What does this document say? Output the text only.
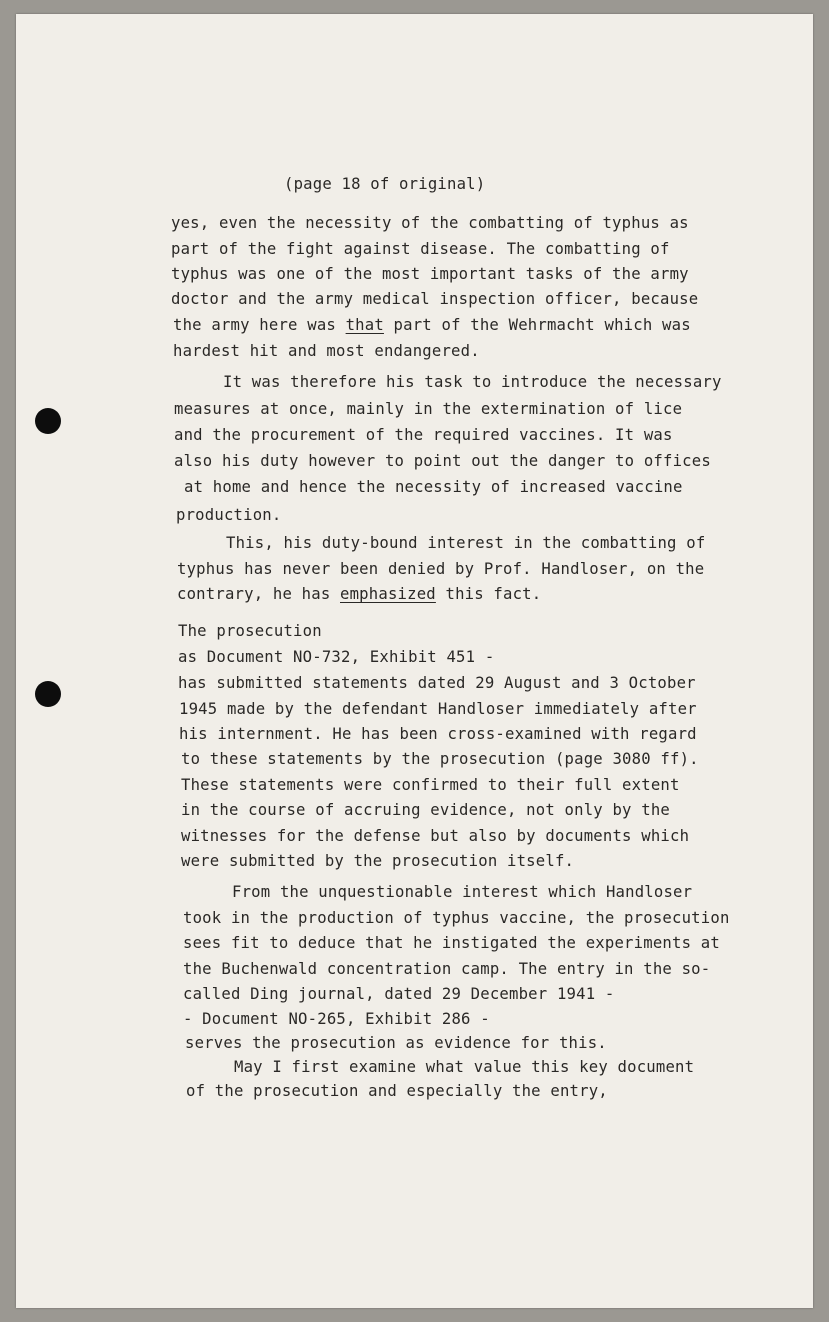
(page 18 of original)
yes, even the necessity of the combatting of typhus as
part of the fight against disease. The combatting of
typhus was one of the most important tasks of the army
doctor and the army medical inspection officer, because
the army here was that part of the Wehrmacht which was
hardest hit and most endangered.
It was therefore his task to introduce the necessary
measures at once, mainly in the extermination of lice
and the procurement of the required vaccines. It was
also his duty however to point out the danger to offices
at home and hence the necessity of increased vaccine
production.
This, his duty-bound interest in the combatting of
typhus has never been denied by Prof. Handloser, on the
contrary, he has emphasized this fact.
The prosecution
as Document NO-732, Exhibit 451 -
has submitted statements dated 29 August and 3 October
1945 made by the defendant Handloser immediately after
his internment. He has been cross-examined with regard
to these statements by the prosecution (page 3080 ff).
These statements were confirmed to their full extent
in the course of accruing evidence, not only by the
witnesses for the defense but also by documents which
were submitted by the prosecution itself.
From the unquestionable interest which Handloser
took in the production of typhus vaccine, the prosecution
sees fit to deduce that he instigated the experiments at
the Buchenwald concentration camp. The entry in the so-
called Ding journal, dated 29 December 1941 -
- Document NO-265, Exhibit 286 -
serves the prosecution as evidence for this.
May I first examine what value this key document
of the prosecution and especially the entry,
